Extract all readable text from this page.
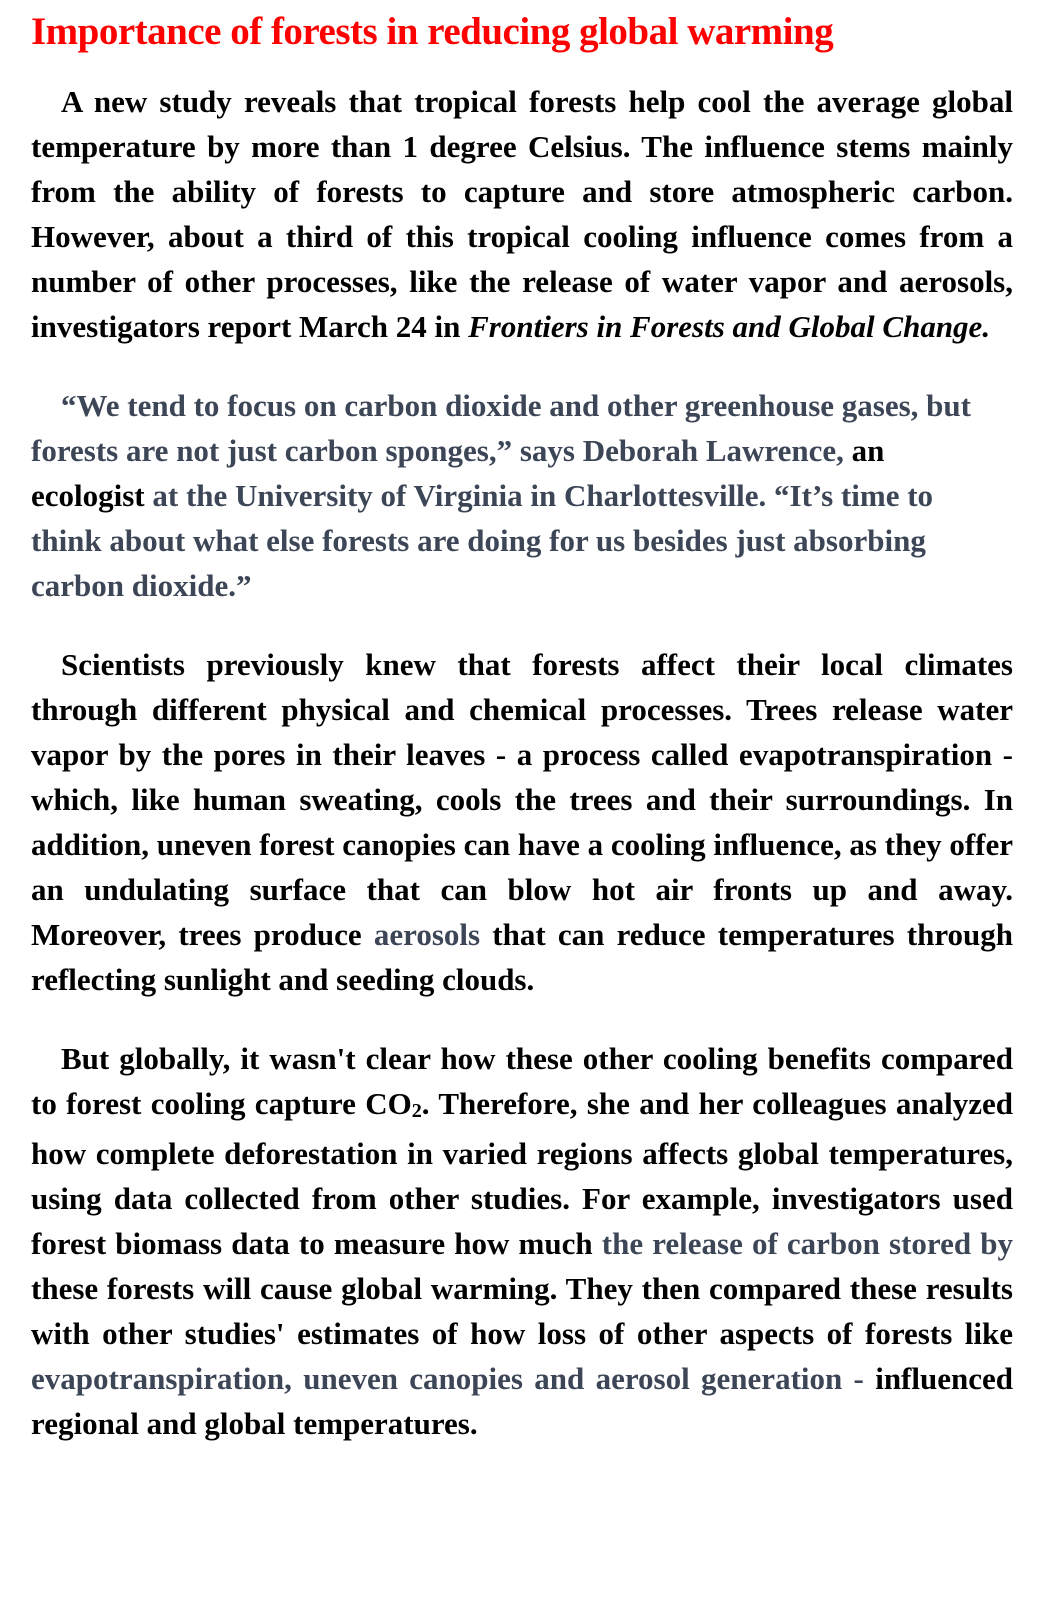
Importance of forests in reducing global warming

A new study reveals that tropical forests help cool the average global temperature by more than 1 degree Celsius. The influence stems mainly from the ability of forests to capture and store atmospheric carbon. However, about a third of this tropical cooling influence comes from a number of other processes, like the release of water vapor and aerosols, investigators report March 24 in Frontiers in Forests and Global Change.

“We tend to focus on carbon dioxide and other greenhouse gases, but forests are not just carbon sponges,” says Deborah Lawrence, an ecologist at the University of Virginia in Charlottesville. “It’s time to think about what else forests are doing for us besides just absorbing carbon dioxide.”

Scientists previously knew that forests affect their local climates through different physical and chemical processes. Trees release water vapor by the pores in their leaves - a process called evapotranspiration - which, like human sweating, cools the trees and their surroundings. In addition, uneven forest canopies can have a cooling influence, as they offer an undulating surface that can blow hot air fronts up and away. Moreover, trees produce aerosols that can reduce temperatures through reflecting sunlight and seeding clouds.

But globally, it wasn't clear how these other cooling benefits compared to forest cooling capture CO2. Therefore, she and her colleagues analyzed how complete deforestation in varied regions affects global temperatures, using data collected from other studies. For example, investigators used forest biomass data to measure how much the release of carbon stored by these forests will cause global warming. They then compared these results with other studies' estimates of how loss of other aspects of forests like evapotranspiration, uneven canopies and aerosol generation - influenced regional and global temperatures.
